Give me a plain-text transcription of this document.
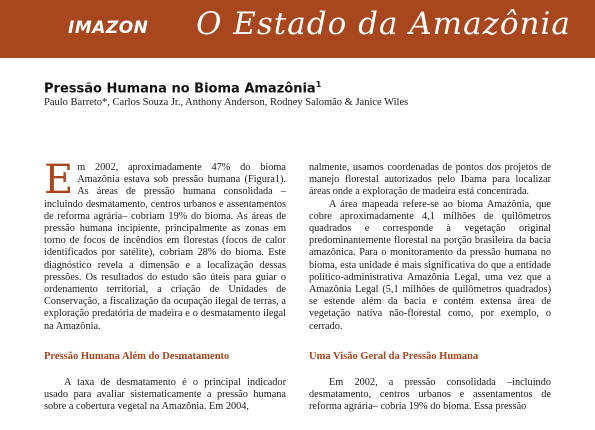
IMAZON O Estado da Amazônia
Pressão Humana no Bioma Amazônia$^1$
Paulo Barreto*, Carlos Souza Jr., Anthony Anderson, Rodney Salomão & Janice Wiles

Em 2002, aproximadamente 47% do bioma Amazônia estava sob pressão humana (Figura1). As áreas de pressão humana consolidada –incluindo desmatamento, centros urbanos e assentamentos de reforma agrária– cobriam 19% do bioma. As áreas de pressão humana incipiente, principalmente as zonas em torno de focos de incêndios em florestas (focos de calor identificados por satélite), cobriam 28% do bioma. Este diagnóstico revela a dimensão e a localização dessas pressões. Os resultados do estudo são úteis para guiar o ordenamento territorial, a criação de Unidades de Conservação, a fiscalização da ocupação ilegal de terras, a exploração predatória de madeira e o desmatamento ilegal na Amazônia.

Pressão Humana Além do Desmatamento

A taxa de desmatamento é o principal indicador usado para avaliar sistematicamente a pressão humana sobre a cobertura vegetal na Amazônia. Em 2004,

nalmente, usamos coordenadas de pontos dos projetos de manejo florestal autorizados pelo Ibama para localizar áreas onde a exploração de madeira está concentrada.

A área mapeada refere-se ao bioma Amazônia, que cobre aproximadamente 4,1 milhões de quilômetros quadrados e corresponde à vegetação original predominantemente florestal na porção brasileira da bacia amazônica. Para o monitoramento da pressão humana no bioma, esta unidade é mais significativa do que a entidade político-administrativa Amazônia Legal, uma vez que a Amazônia Legal (5,1 milhões de quilômetros quadrados) se estende além da bacia e contém extensa área de vegetação nativa não-florestal como, por exemplo, o cerrado.

Uma Visão Geral da Pressão Humana

Em 2002, a pressão consolidada –incluindo desmatamento, centros urbanos e assentamentos de reforma agrária– cobria 19% do bioma. Essa pressão
